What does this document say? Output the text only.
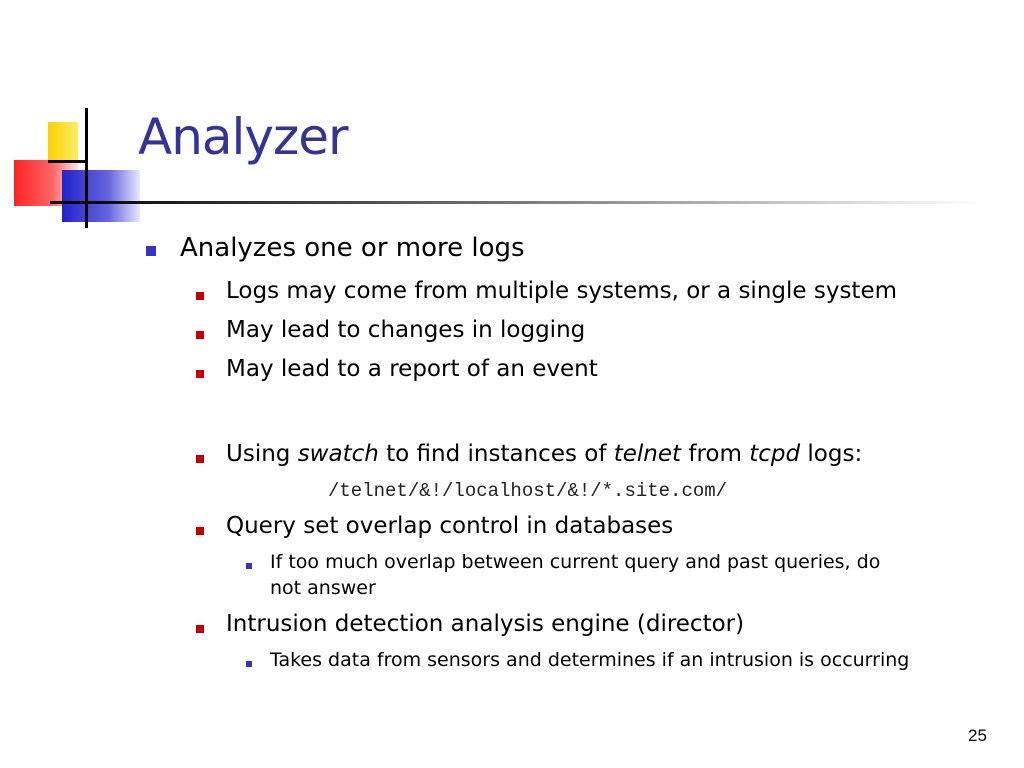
Analyzer
Analyzes one or more logs
Logs may come from multiple systems, or a single system
May lead to changes in logging
May lead to a report of an event
Using swatch to find instances of telnet from tcpd logs:
/telnet/&!/localhost/&!/*.site.com/
Query set overlap control in databases
If too much overlap between current query and past queries, do
not answer
Intrusion detection analysis engine (director)
Takes data from sensors and determines if an intrusion is occurring
25
